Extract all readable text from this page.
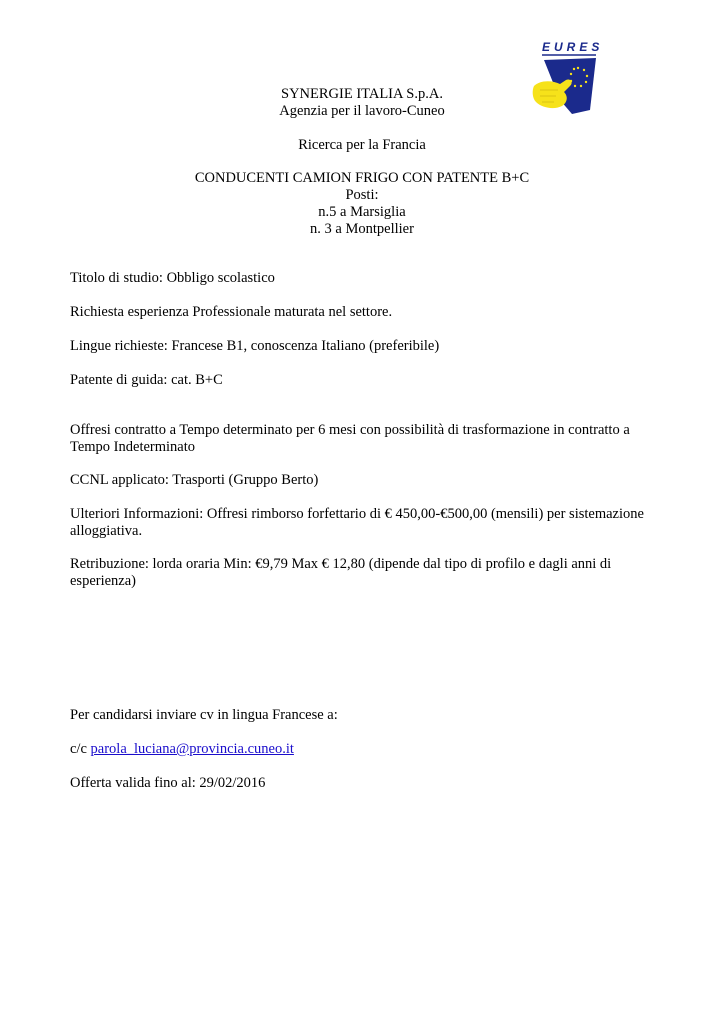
EURES
SYNERGIE ITALIA S.p.A.
Agenzia per il lavoro-Cuneo
Ricerca per la Francia
CONDUCENTI CAMION FRIGO CON PATENTE B+C
Posti:
n.5 a Marsiglia
n. 3 a Montpellier
Titolo di studio: Obbligo scolastico
Richiesta esperienza Professionale maturata nel settore.
Lingue richieste: Francese B1, conoscenza Italiano (preferibile)
Patente di guida: cat. B+C
Offresi contratto a Tempo determinato per 6 mesi con possibilità di trasformazione in contratto a
Tempo Indeterminato
CCNL applicato: Trasporti (Gruppo Berto)
Ulteriori Informazioni: Offresi rimborso forfettario di € 450,00-€500,00 (mensili) per sistemazione
alloggiativa.
Retribuzione: lorda oraria Min: €9,79 Max € 12,80 (dipende dal tipo di profilo e dagli anni di
esperienza)
Per candidarsi inviare cv in lingua Francese a:
c/c parola_luciana@provincia.cuneo.it
Offerta valida fino al: 29/02/2016
